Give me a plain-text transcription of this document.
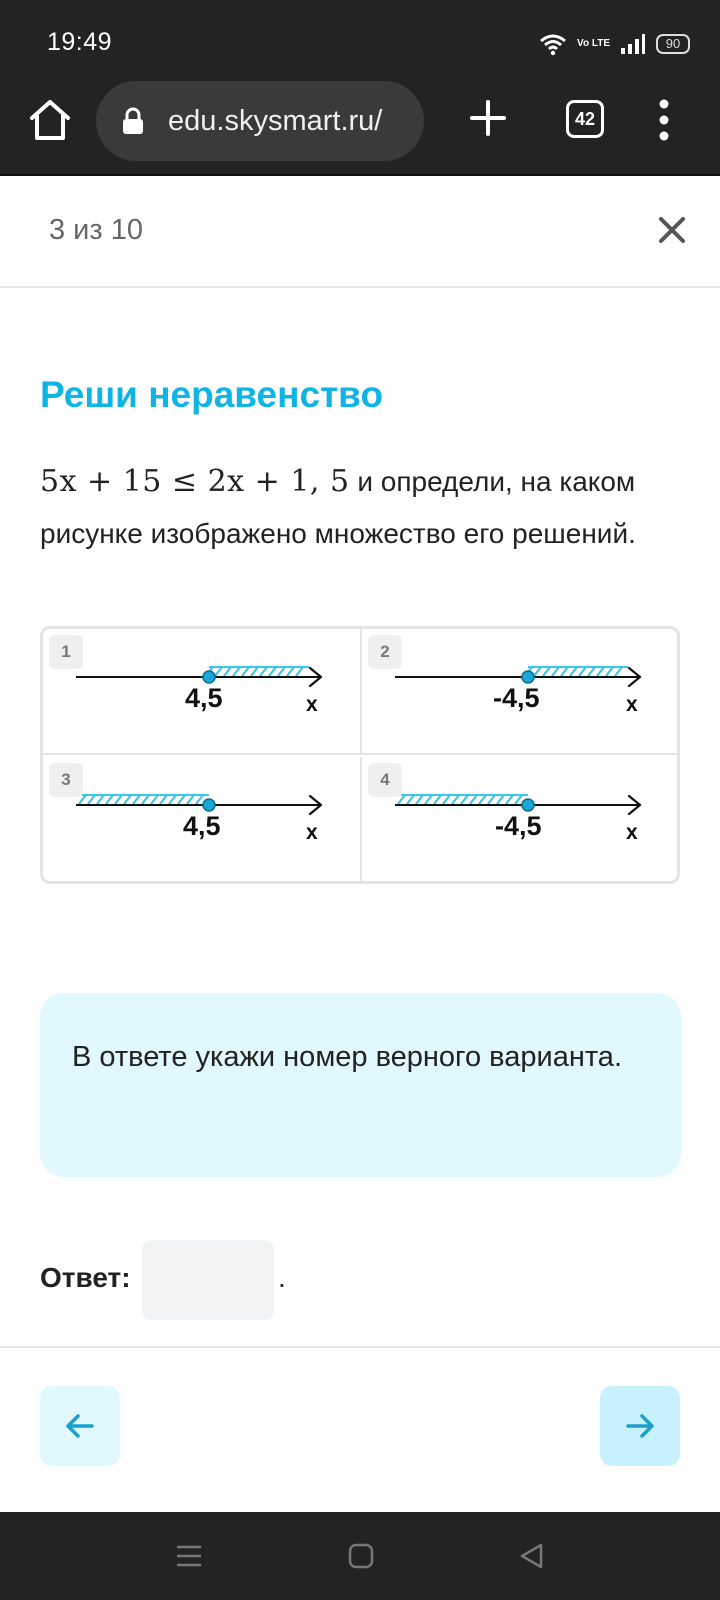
19:49	Vo LTE	90
edu.skysmart.ru/	42
3 из 10
Реши неравенство
5x + 15 ≤ 2x + 1, 5 и определи, на каком рисунке изображено множество его решений.
1
4,5	x
2
-4,5	x
3
4,5	x
4
-4,5	x
В ответе укажи номер верного варианта.
Ответ:	.
